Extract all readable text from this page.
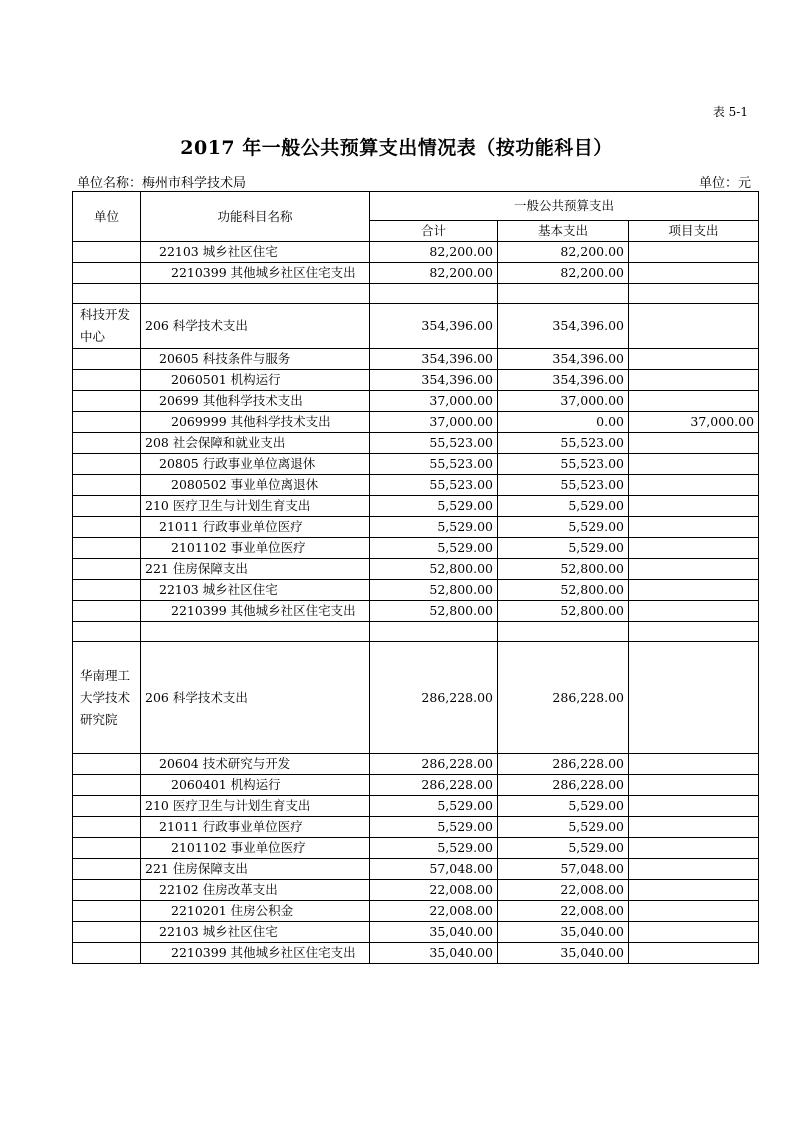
表 5-1
2017 年一般公共预算支出情况表（按功能科目）
单位名称：梅州市科学技术局	单位：元
单位	功能科目名称	一般公共预算支出		
		合计	基本支出	项目支出
	22103 城乡社区住宅	82,200.00	82,200.00	
	2210399 其他城乡社区住宅支出	82,200.00	82,200.00	

科技开发中心	206 科学技术支出	354,396.00	354,396.00	
	20605 科技条件与服务	354,396.00	354,396.00	
	2060501 机构运行	354,396.00	354,396.00	
	20699 其他科学技术支出	37,000.00	37,000.00	
	2069999 其他科学技术支出	37,000.00	0.00	37,000.00
	208 社会保障和就业支出	55,523.00	55,523.00	
	20805 行政事业单位离退休	55,523.00	55,523.00	
	2080502 事业单位离退休	55,523.00	55,523.00	
	210 医疗卫生与计划生育支出	5,529.00	5,529.00	
	21011 行政事业单位医疗	5,529.00	5,529.00	
	2101102 事业单位医疗	5,529.00	5,529.00	
	221 住房保障支出	52,800.00	52,800.00	
	22103 城乡社区住宅	52,800.00	52,800.00	
	2210399 其他城乡社区住宅支出	52,800.00	52,800.00	

华南理工大学技术研究院	206 科学技术支出	286,228.00	286,228.00	
	20604 技术研究与开发	286,228.00	286,228.00	
	2060401 机构运行	286,228.00	286,228.00	
	210 医疗卫生与计划生育支出	5,529.00	5,529.00	
	21011 行政事业单位医疗	5,529.00	5,529.00	
	2101102 事业单位医疗	5,529.00	5,529.00	
	221 住房保障支出	57,048.00	57,048.00	
	22102 住房改革支出	22,008.00	22,008.00	
	2210201 住房公积金	22,008.00	22,008.00	
	22103 城乡社区住宅	35,040.00	35,040.00	
	2210399 其他城乡社区住宅支出	35,040.00	35,040.00	
